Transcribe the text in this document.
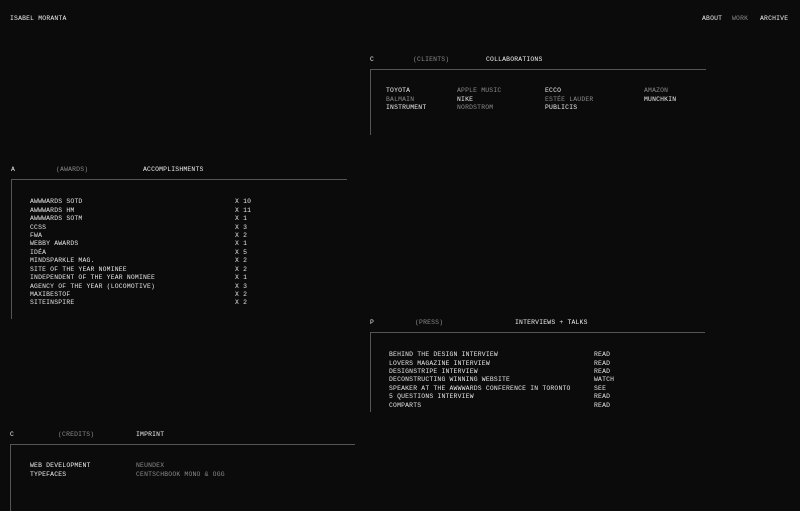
ISABEL MORANTA	ABOUT WORK ARCHIVE
C	(CLIENTS)	COLLABORATIONS
TOYOTA	APPLE MUSIC	ECCO	AMAZON
BALMAIN	NIKE	ESTÉE LAUDER	MUNCHKIN
INSTRUMENT	NORDSTROM	PUBLICIS
A	(AWARDS)	ACCOMPLISHMENTS
AWWWARDS SOTD	X 10
AWWWARDS HM	X 11
AWWWARDS SOTM	X 1
CCSS	X 3
FWA	X 2
WEBBY AWARDS	X 1
IDÉA	X 5
MINDSPARKLE MAG.	X 2
SITE OF THE YEAR NOMINEE	X 2
INDEPENDENT OF THE YEAR NOMINEE	X 1
AGENCY OF THE YEAR (LOCOMOTIVE)	X 3
MAXIBESTOF	X 2
SITEINSPIRE	X 2
P	(PRESS)	INTERVIEWS + TALKS
BEHIND THE DESIGN INTERVIEW	READ
LOVERS MAGAZINE INTERVIEW	READ
DESIGNSTRIPE INTERVIEW	READ
DECONSTRUCTING WINNING WEBSITE	WATCH
SPEAKER AT THE AWWWARDS CONFERENCE IN TORONTO	SEE
5 QUESTIONS INTERVIEW	READ
COMPARTS	READ
C	(CREDITS)	IMPRINT
WEB DEVELOPMENT	NEUNDEX
TYPEFACES	CENTSCHBOOK MONO & OGG
